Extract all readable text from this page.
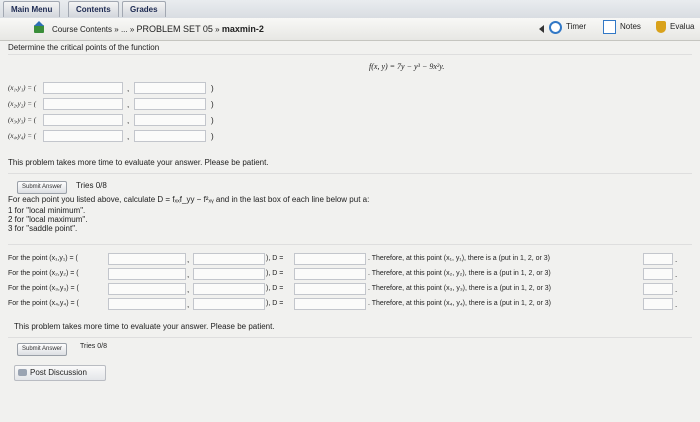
Main Menu	Contents	Grades
Course Contents » ... » PROBLEM SET 05 » maxmin-2	Timer	Notes	Evalua
Determine the critical points of the function
f(x, y) = 7y − y³ − 9x²y.
(x₁,y₁) = (	,	)
(x₂,y₂) = (	,	)
(x₃,y₃) = (	,	)
(x₄,y₄) = (	,	)
This problem takes more time to evaluate your answer. Please be patient.
Submit Answer	Tries 0/8
For each point you listed above, calculate D = fₓₓf_yy − f²ₓᵧ and in the last box of each line below put a:
1 for "local minimum".
2 for "local maximum".
3 for "saddle point".
For the point (x₁,y₁) = (	,	), D =	. Therefore, at this point (x₁, y₁), there is a (put in 1, 2, or 3)	.
For the point (x₂,y₂) = (	,	), D =	. Therefore, at this point (x₂, y₂), there is a (put in 1, 2, or 3)	.
For the point (x₃,y₃) = (	,	), D =	. Therefore, at this point (x₃, y₃), there is a (put in 1, 2, or 3)	.
For the point (x₄,y₄) = (	,	), D =	. Therefore, at this point (x₄, y₄), there is a (put in 1, 2, or 3)	.
This problem takes more time to evaluate your answer. Please be patient.
Submit Answer	Tries 0/8
Post Discussion
